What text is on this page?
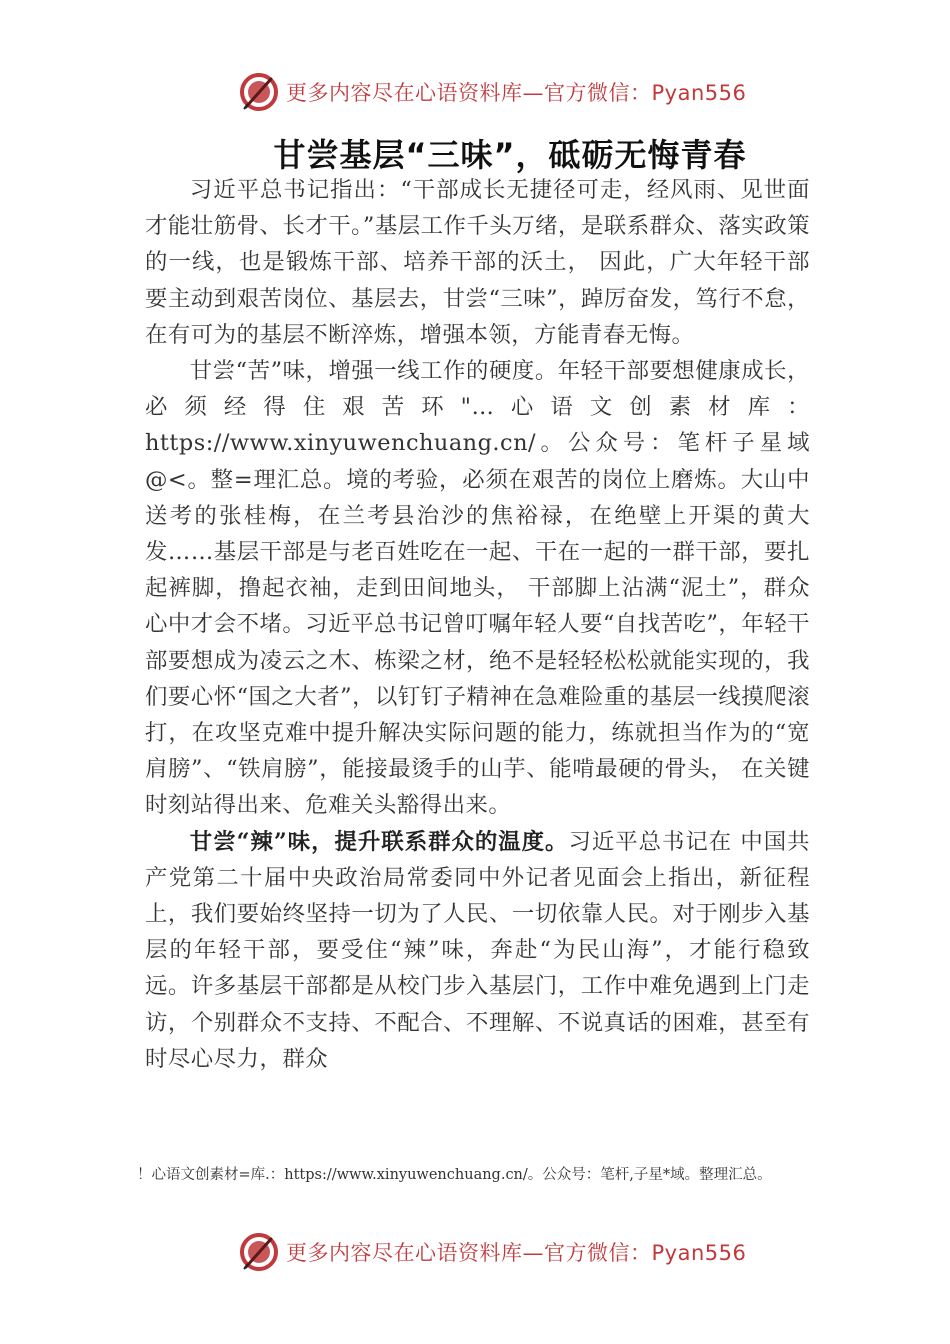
更多内容尽在心语资料库—官方微信：Pyan556
甘尝基层“三味”，砥砺无悔青春

习近平总书记指出：“干部成长无捷径可走，经风雨、见世面才能壮筋骨、长才干。”基层工作千头万绪，是联系群众、落实政策的一线，也是锻炼干部、培养干部的沃土， 因此，广大年轻干部要主动到艰苦岗位、基层去，甘尝“三味”，踔厉奋发，笃行不怠，在有可为的基层不断淬炼，增强本领，方能青春无悔。

甘尝“苦”味，增强一线工作的硬度。年轻干部要想健康成长，必须经得住艰苦环"…心语文创素材库：https://www.xinyuwenchuang.cn/。公众号：笔杆子星域@<。整=理汇总。境的考验，必须在艰苦的岗位上磨炼。大山中送考的张桂梅，在兰考县治沙的焦裕禄，在绝壁上开渠的黄大发……基层干部是与老百姓吃在一起、干在一起的一群干部，要扎起裤脚，撸起衣袖，走到田间地头， 干部脚上沾满“泥土”，群众心中才会不堵。习近平总书记曾叮嘱年轻人要“自找苦吃”，年轻干部要想成为凌云之木、栋梁之材，绝不是轻轻松松就能实现的，我们要心怀“国之大者”，以钉钉子精神在急难险重的基层一线摸爬滚打，在攻坚克难中提升解决实际问题的能力，练就担当作为的“宽肩膀”、“铁肩膀”，能接最烫手的山芋、能啃最硬的骨头， 在关键时刻站得出来、危难关头豁得出来。

甘尝“辣”味，提升联系群众的温度。习近平总书记在 中国共产党第二十届中央政治局常委同中外记者见面会上指出，新征程上，我们要始终坚持一切为了人民、一切依靠人民。对于刚步入基层的年轻干部，要受住“辣”味，奔赴“为民山海”，才能行稳致远。许多基层干部都是从校门步入基层门，工作中难免遇到上门走访，个别群众不支持、不配合、不理解、不说真话的困难，甚至有时尽心尽力，群众

！心语文创素材=库.：https://www.xinyuwenchuang.cn/。公众号：笔杆,子星*域。整理汇总。
更多内容尽在心语资料库—官方微信：Pyan556
